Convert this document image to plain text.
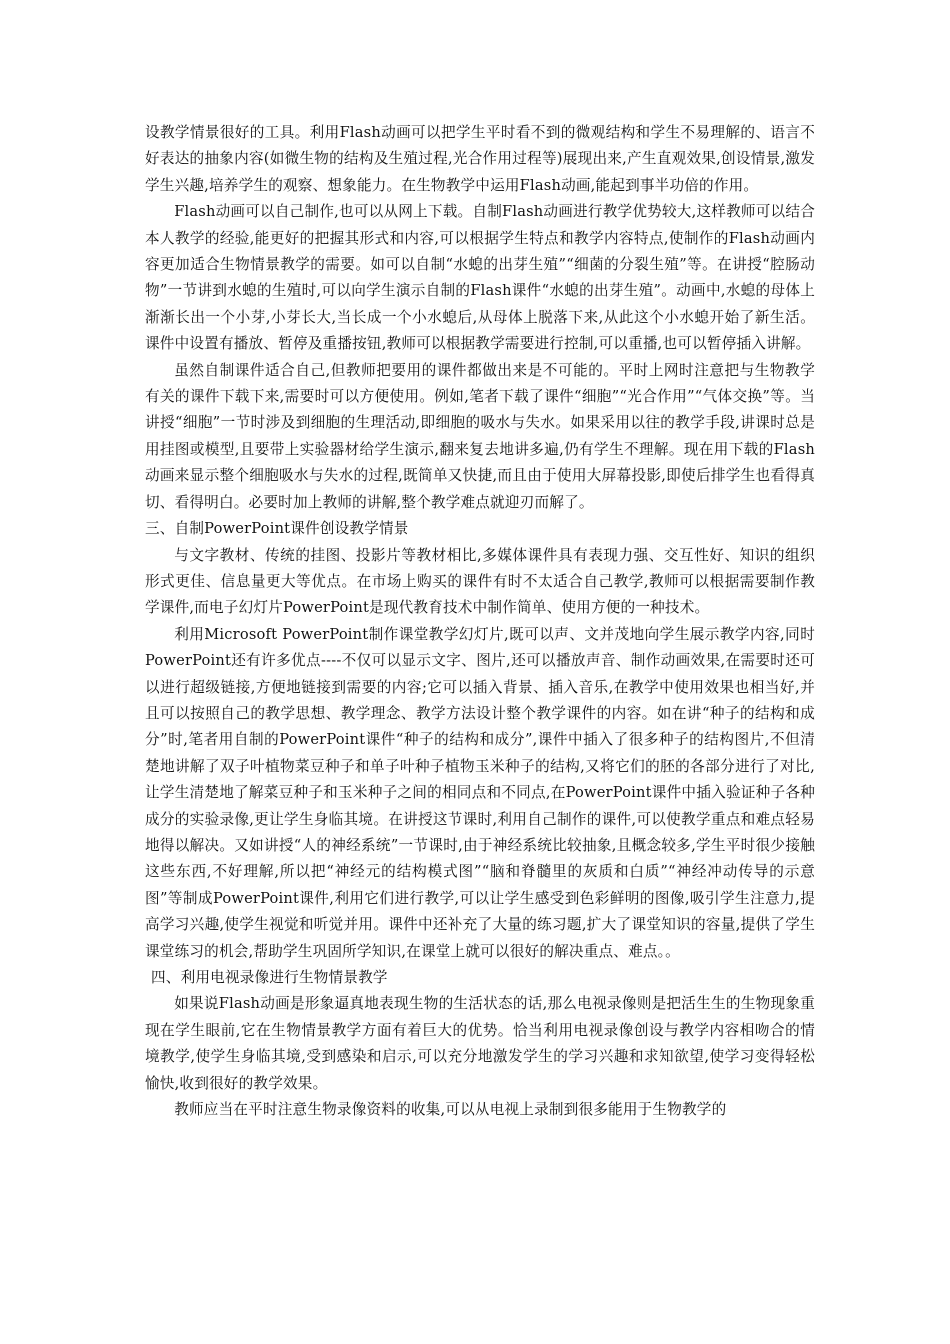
设教学情景很好的工具。利用Flash动画可以把学生平时看不到的微观结构和学生不易理解的、语言不好表达的抽象内容(如微生物的结构及生殖过程,光合作用过程等)展现出来,产生直观效果,创设情景,激发学生兴趣,培养学生的观察、想象能力。在生物教学中运用Flash动画,能起到事半功倍的作用。

Flash动画可以自己制作,也可以从网上下载。自制Flash动画进行教学优势较大,这样教师可以结合本人教学的经验,能更好的把握其形式和内容,可以根据学生特点和教学内容特点,使制作的Flash动画内容更加适合生物情景教学的需要。如可以自制“水螅的出芽生殖”“细菌的分裂生殖”等。在讲授“腔肠动物”一节讲到水螅的生殖时,可以向学生演示自制的Flash课件“水螅的出芽生殖”。动画中,水螅的母体上渐渐长出一个小芽,小芽长大,当长成一个小水螅后,从母体上脱落下来,从此这个小水螅开始了新生活。课件中设置有播放、暂停及重播按钮,教师可以根据教学需要进行控制,可以重播,也可以暂停插入讲解。

虽然自制课件适合自己,但教师把要用的课件都做出来是不可能的。平时上网时注意把与生物教学有关的课件下载下来,需要时可以方便使用。例如,笔者下载了课件“细胞”“光合作用”“气体交换”等。当讲授“细胞”一节时涉及到细胞的生理活动,即细胞的吸水与失水。如果采用以往的教学手段,讲课时总是用挂图或模型,且要带上实验器材给学生演示,翻来复去地讲多遍,仍有学生不理解。现在用下载的Flash动画来显示整个细胞吸水与失水的过程,既简单又快捷,而且由于使用大屏幕投影,即使后排学生也看得真切、看得明白。必要时加上教师的讲解,整个教学难点就迎刃而解了。

三、自制PowerPoint课件创设教学情景

与文字教材、传统的挂图、投影片等教材相比,多媒体课件具有表现力强、交互性好、知识的组织形式更佳、信息量更大等优点。在市场上购买的课件有时不太适合自己教学,教师可以根据需要制作教学课件,而电子幻灯片PowerPoint是现代教育技术中制作简单、使用方便的一种技术。

利用Microsoft PowerPoint制作课堂教学幻灯片,既可以声、文并茂地向学生展示教学内容,同时PowerPoint还有许多优点----不仅可以显示文字、图片,还可以播放声音、制作动画效果,在需要时还可以进行超级链接,方便地链接到需要的内容;它可以插入背景、插入音乐,在教学中使用效果也相当好,并且可以按照自己的教学思想、教学理念、教学方法设计整个教学课件的内容。如在讲“种子的结构和成分”时,笔者用自制的PowerPoint课件“种子的结构和成分”,课件中插入了很多种子的结构图片,不但清楚地讲解了双子叶植物菜豆种子和单子叶种子植物玉米种子的结构,又将它们的胚的各部分进行了对比,让学生清楚地了解菜豆种子和玉米种子之间的相同点和不同点,在PowerPoint课件中插入验证种子各种成分的实验录像,更让学生身临其境。在讲授这节课时,利用自己制作的课件,可以使教学重点和难点轻易地得以解决。又如讲授“人的神经系统”一节课时,由于神经系统比较抽象,且概念较多,学生平时很少接触这些东西,不好理解,所以把“神经元的结构模式图”“脑和脊髓里的灰质和白质”“神经冲动传导的示意图”等制成PowerPoint课件,利用它们进行教学,可以让学生感受到色彩鲜明的图像,吸引学生注意力,提高学习兴趣,使学生视觉和听觉并用。课件中还补充了大量的练习题,扩大了课堂知识的容量,提供了学生课堂练习的机会,帮助学生巩固所学知识,在课堂上就可以很好的解决重点、难点。。

四、利用电视录像进行生物情景教学

如果说Flash动画是形象逼真地表现生物的生活状态的话,那么电视录像则是把活生生的生物现象重现在学生眼前,它在生物情景教学方面有着巨大的优势。恰当利用电视录像创设与教学内容相吻合的情境教学,使学生身临其境,受到感染和启示,可以充分地激发学生的学习兴趣和求知欲望,使学习变得轻松愉快,收到很好的教学效果。

教师应当在平时注意生物录像资料的收集,可以从电视上录制到很多能用于生物教学的
